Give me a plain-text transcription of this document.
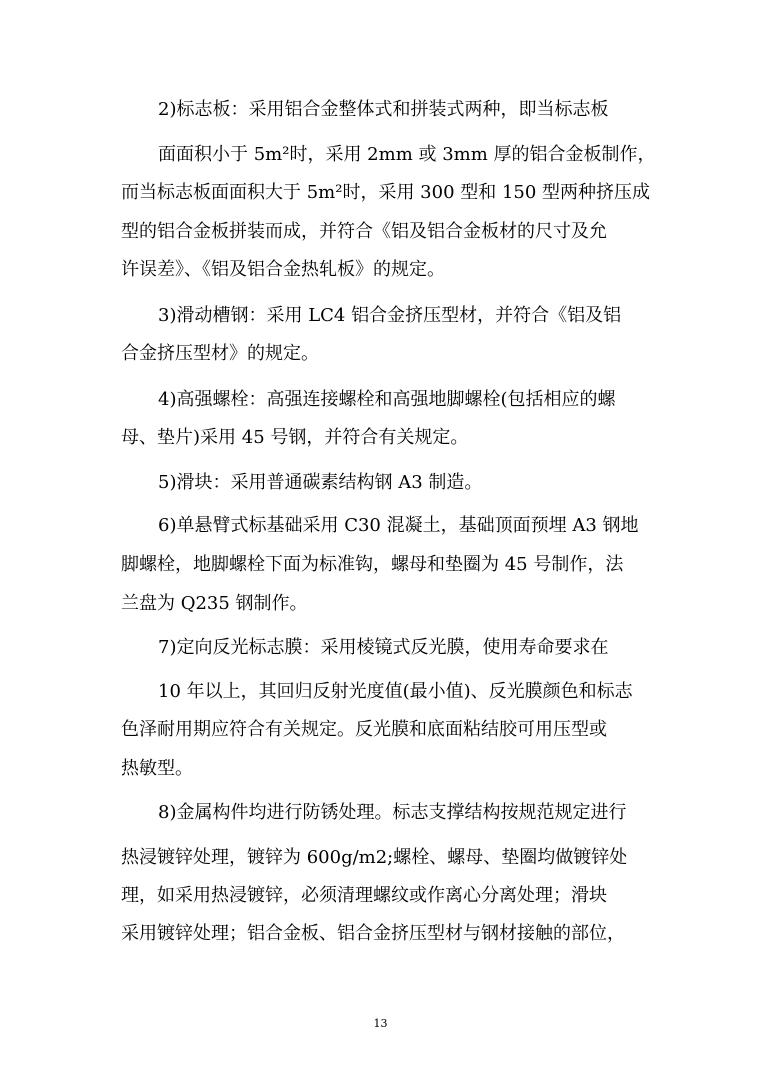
2)标志板：采用铝合金整体式和拼装式两种，即当标志板
面面积小于 5m²时，采用 2mm 或 3mm 厚的铝合金板制作，
而当标志板面面积大于 5m²时，采用 300 型和 150 型两种挤压成
型的铝合金板拼装而成，并符合《铝及铝合金板材的尺寸及允
许误差》、《铝及铝合金热轧板》的规定。
3)滑动槽钢：采用 LC4 铝合金挤压型材，并符合《铝及铝
合金挤压型材》的规定。
4)高强螺栓：高强连接螺栓和高强地脚螺栓(包括相应的螺
母、垫片)采用 45 号钢，并符合有关规定。
5)滑块：采用普通碳素结构钢 A3 制造。
6)单悬臂式标基础采用 C30 混凝土，基础顶面预埋 A3 钢地
脚螺栓，地脚螺栓下面为标准钩，螺母和垫圈为 45 号制作，法
兰盘为 Q235 钢制作。
7)定向反光标志膜：采用棱镜式反光膜，使用寿命要求在
10 年以上，其回归反射光度值(最小值)、反光膜颜色和标志
色泽耐用期应符合有关规定。反光膜和底面粘结胶可用压型或
热敏型。
8)金属构件均进行防锈处理。标志支撑结构按规范规定进行
热浸镀锌处理，镀锌为 600g/m2;螺栓、螺母、垫圈均做镀锌处
理，如采用热浸镀锌，必须清理螺纹或作离心分离处理；滑块
采用镀锌处理；铝合金板、铝合金挤压型材与钢材接触的部位，
13
